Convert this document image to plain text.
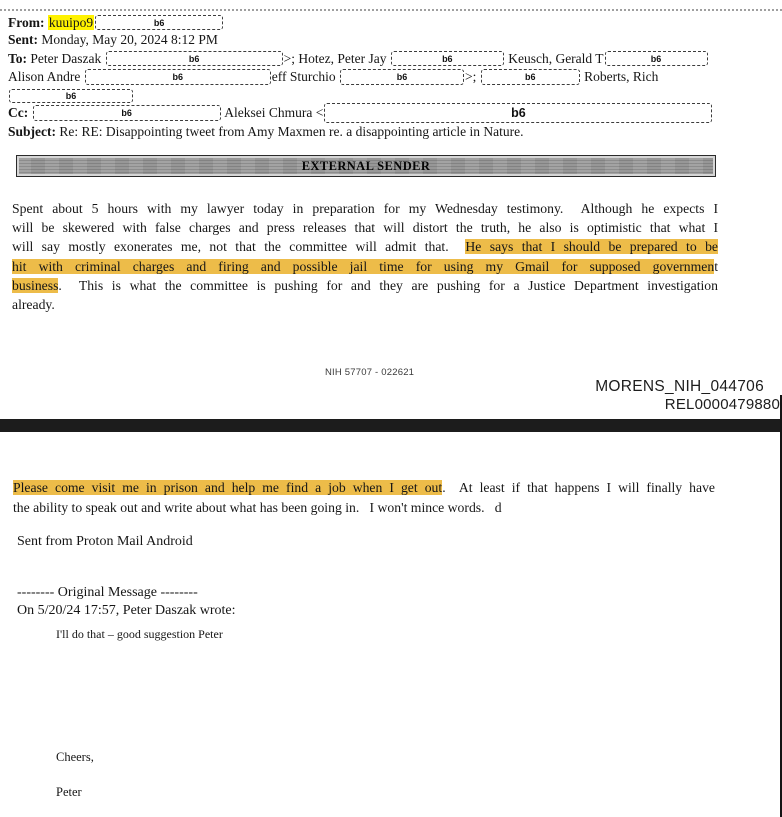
From: kuuipo9	b6
Sent: Monday, May 20, 2024 8:12 PM
To: Peter Daszak	b6	>; Hotez, Peter Jay	b6	Keusch, Gerald T	b6
Alison Andre	b6	eff Sturchio	b6	>;	b6	Roberts, Rich
b6
Cc:	b6	Aleksei Chmura <	b6
Subject: Re: RE: Disappointing tweet from Amy Maxmen re. a disappointing article in Nature.
EXTERNAL SENDER
Spent about 5 hours with my lawyer today in preparation for my Wednesday testimony.  Although he expects I
will be skewered with false charges and press releases that will distort the truth, he also is optimistic that what I
will say mostly exonerates me, not that the committee will admit that.  He says that I should be prepared to be
hit with criminal charges and firing and possible jail time for using my Gmail for supposed government
business.  This is what the committee is pushing for and they are pushing for a Justice Department investigation
already.
NIH 57707 - 022621
MORENS_NIH_044706
REL0000479880
Please come visit me in prison and help me find a job when I get out.  At least if that happens I will finally have
the ability to speak out and write about what has been going in.   I won't mince words.   d
Sent from Proton Mail Android
-------- Original Message --------
On 5/20/24 17:57, Peter Daszak wrote:
I'll do that – good suggestion Peter
Cheers,
Peter
